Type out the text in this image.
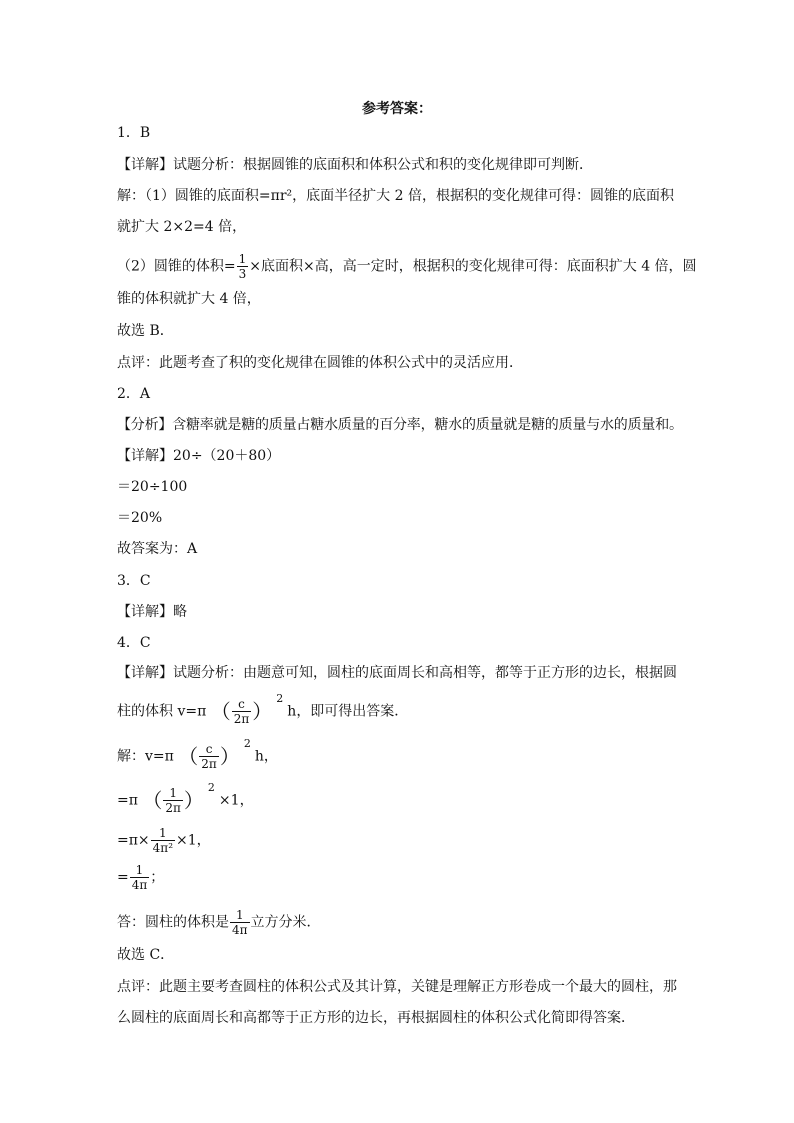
参考答案：
1．B
【详解】试题分析：根据圆锥的底面积和体积公式和积的变化规律即可判断．
解：（1）圆锥的底面积=πr²，底面半径扩大 2 倍，根据积的变化规律可得：圆锥的底面积
就扩大 2×2=4 倍，
（2）圆锥的体积= $\frac{1}{3}$ ×底面积×高，高一定时，根据积的变化规律可得：底面积扩大 4 倍，圆
锥的体积就扩大 4 倍，
故选 B．
点评：此题考查了积的变化规律在圆锥的体积公式中的灵活应用．
2．A
【分析】含糖率就是糖的质量占糖水质量的百分率，糖水的质量就是糖的质量与水的质量和。
【详解】20÷（20＋80）
＝20÷100
＝20%
故答案为：A
3．C
【详解】略
4．C
【详解】试题分析：由题意可知，圆柱的底面周长和高相等，都等于正方形的边长，根据圆
柱的体积 v=π （ $\frac{c}{2\pi} )^2h$，即可得出答案．
解：v=π （ $\frac{c}{2\pi} )^2h$，
=π （ $\frac{1}{2\pi} )^2\times 1$，
$=\pi\times \frac{1}{\text{4π²}} \times 1$，
= $\frac{1}{4\pi}$ ；
答：圆柱的体积是 $\frac{1}{4\pi}$ 立方分米．
故选 C．
点评：此题主要考查圆柱的体积公式及其计算，关键是理解正方形卷成一个最大的圆柱，那
么圆柱的底面周长和高都等于正方形的边长，再根据圆柱的体积公式化简即得答案．
